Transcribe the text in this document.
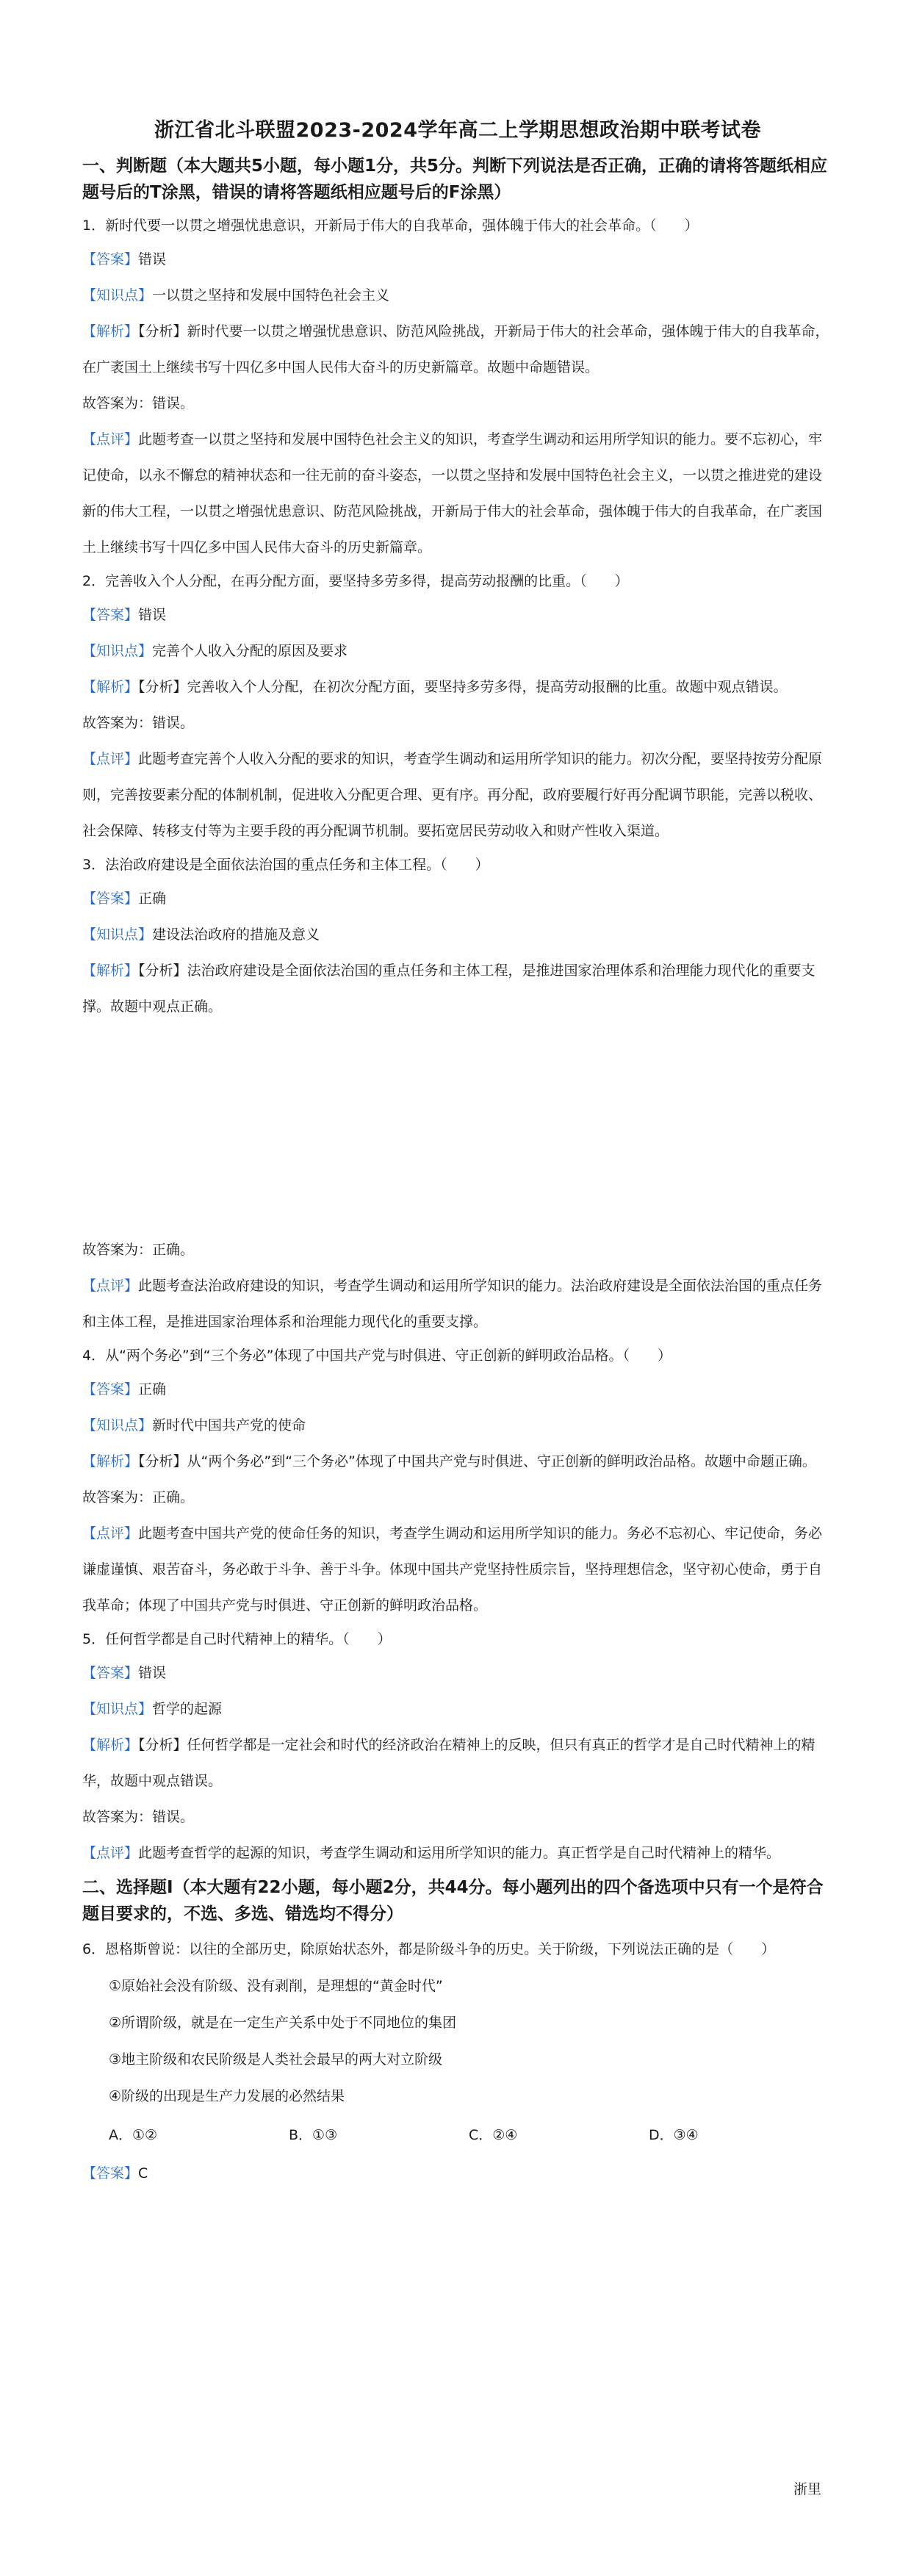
浙江省北斗联盟2023-2024学年高二上学期思想政治期中联考试卷
一、判断题（本大题共5小题，每小题1分，共5分。判断下列说法是否正确，正确的请将答题纸相应题号后的T涂黑，错误的请将答题纸相应题号后的F涂黑）

1．新时代要一以贯之增强忧患意识，开新局于伟大的自我革命，强体魄于伟大的社会革命。（　　）

【答案】错误

【知识点】一以贯之坚持和发展中国特色社会主义

【解析】【分析】新时代要一以贯之增强忧患意识、防范风险挑战，开新局于伟大的社会革命，强体魄于伟大的自我革命，在广袤国土上继续书写十四亿多中国人民伟大奋斗的历史新篇章。故题中命题错误。

故答案为：错误。

【点评】此题考查一以贯之坚持和发展中国特色社会主义的知识，考查学生调动和运用所学知识的能力。要不忘初心，牢记使命，以永不懈怠的精神状态和一往无前的奋斗姿态，一以贯之坚持和发展中国特色社会主义，一以贯之推进党的建设新的伟大工程，一以贯之增强忧患意识、防范风险挑战，开新局于伟大的社会革命，强体魄于伟大的自我革命，在广袤国土上继续书写十四亿多中国人民伟大奋斗的历史新篇章。

2．完善收入个人分配，在再分配方面，要坚持多劳多得，提高劳动报酬的比重。（　　）

【答案】错误

【知识点】完善个人收入分配的原因及要求

【解析】【分析】完善收入个人分配，在初次分配方面，要坚持多劳多得，提高劳动报酬的比重。故题中观点错误。

故答案为：错误。

【点评】此题考查完善个人收入分配的要求的知识，考查学生调动和运用所学知识的能力。初次分配，要坚持按劳分配原则，完善按要素分配的体制机制，促进收入分配更合理、更有序。再分配，政府要履行好再分配调节职能，完善以税收、社会保障、转移支付等为主要手段的再分配调节机制。要拓宽居民劳动收入和财产性收入渠道。

3．法治政府建设是全面依法治国的重点任务和主体工程。（　　）

【答案】正确

【知识点】建设法治政府的措施及意义

【解析】【分析】法治政府建设是全面依法治国的重点任务和主体工程，是推进国家治理体系和治理能力现代化的重要支撑。故题中观点正确。

故答案为：正确。

【点评】此题考查法治政府建设的知识，考查学生调动和运用所学知识的能力。法治政府建设是全面依法治国的重点任务和主体工程，是推进国家治理体系和治理能力现代化的重要支撑。

4．从“两个务必”到“三个务必”体现了中国共产党与时俱进、守正创新的鲜明政治品格。（　　）

【答案】正确

【知识点】新时代中国共产党的使命

【解析】【分析】从“两个务必”到“三个务必”体现了中国共产党与时俱进、守正创新的鲜明政治品格。故题中命题正确。

故答案为：正确。

【点评】此题考查中国共产党的使命任务的知识，考查学生调动和运用所学知识的能力。务必不忘初心、牢记使命，务必谦虚谨慎、艰苦奋斗，务必敢于斗争、善于斗争。体现中国共产党坚持性质宗旨，坚持理想信念，坚守初心使命，勇于自我革命；体现了中国共产党与时俱进、守正创新的鲜明政治品格。

5．任何哲学都是自己时代精神上的精华。（　　）

【答案】错误

【知识点】哲学的起源

【解析】【分析】任何哲学都是一定社会和时代的经济政治在精神上的反映，但只有真正的哲学才是自己时代精神上的精华，故题中观点错误。

故答案为：错误。

【点评】此题考查哲学的起源的知识，考查学生调动和运用所学知识的能力。真正哲学是自己时代精神上的精华。

二、选择题Ⅰ（本大题有22小题，每小题2分，共44分。每小题列出的四个备选项中只有一个是符合题目要求的，不选、多选、错选均不得分）

6．恩格斯曾说：以往的全部历史，除原始状态外，都是阶级斗争的历史。关于阶级，下列说法正确的是（　　）

①原始社会没有阶级、没有剥削，是理想的“黄金时代”

②所谓阶级，就是在一定生产关系中处于不同地位的集团

③地主阶级和农民阶级是人类社会最早的两大对立阶级

④阶级的出现是生产力发展的必然结果

A．①②	B．①③	C．②④	D．③④

【答案】C

浙里
